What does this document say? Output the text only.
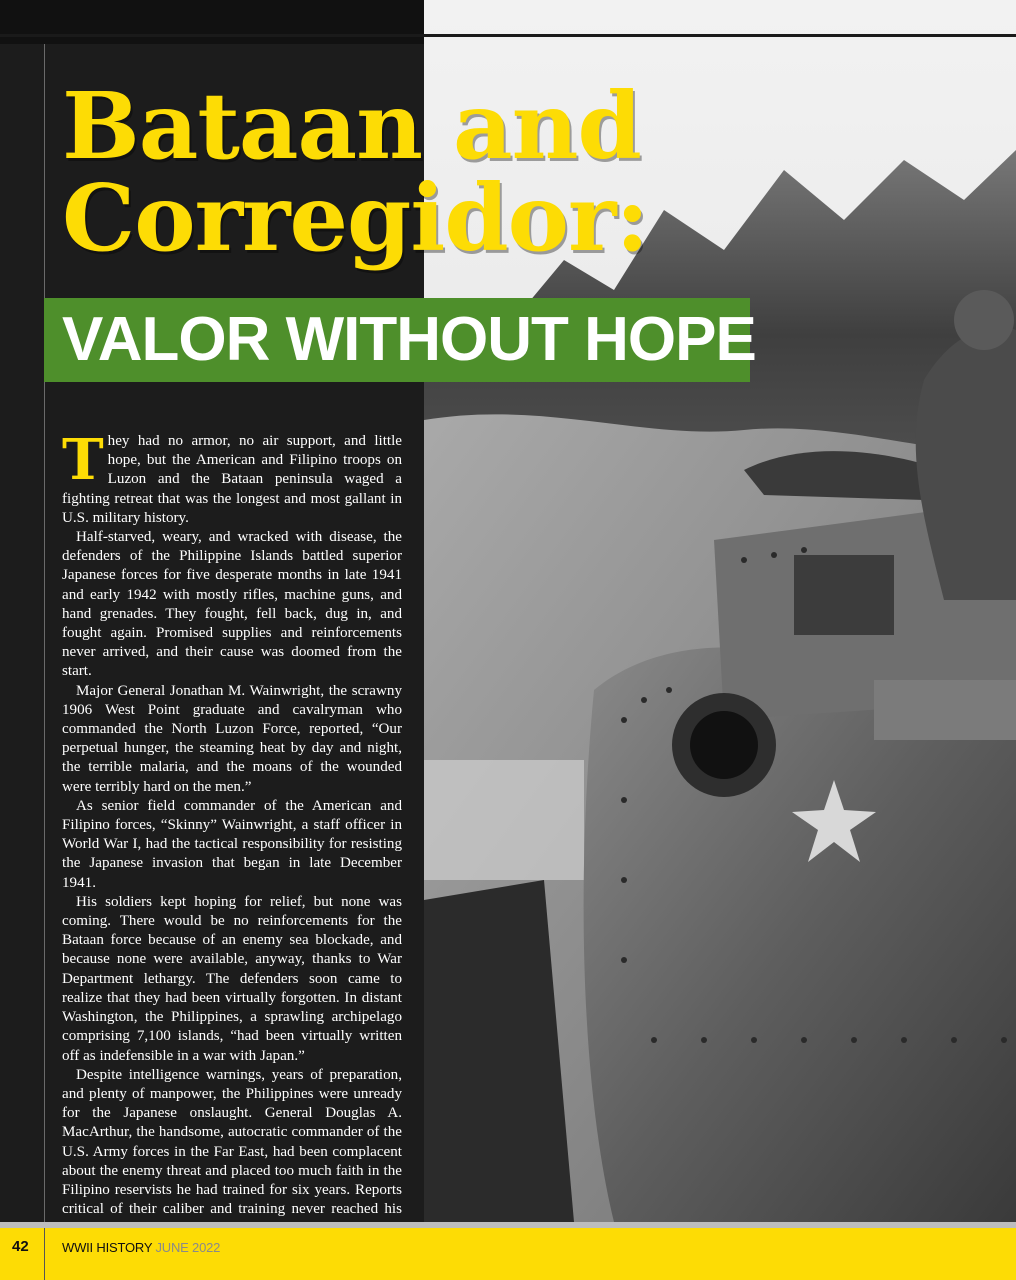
Bataan and
Corregidor:
VALOR WITHOUT HOPE

They had no armor, no air support, and little hope, but the American and Filipino troops on Luzon and the Bataan peninsula waged a fighting retreat that was the longest and most gallant in U.S. military history.

Half-starved, weary, and wracked with disease, the defenders of the Philippine Islands battled superior Japanese forces for five desperate months in late 1941 and early 1942 with mostly rifles, machine guns, and hand grenades. They fought, fell back, dug in, and fought again. Promised supplies and reinforcements never arrived, and their cause was doomed from the start.

Major General Jonathan M. Wainwright, the scrawny 1906 West Point graduate and cavalryman who commanded the North Luzon Force, reported, “Our perpetual hunger, the steaming heat by day and night, the terrible malaria, and the moans of the wounded were terribly hard on the men.”

As senior field commander of the American and Filipino forces, “Skinny” Wainwright, a staff officer in World War I, had the tactical responsibility for resisting the Japanese invasion that began in late December 1941.

His soldiers kept hoping for relief, but none was coming. There would be no reinforcements for the Bataan force because of an enemy sea blockade, and because none were available, anyway, thanks to War Department lethargy. The defenders soon came to realize that they had been virtually forgotten. In distant Washington, the Philippines, a sprawling archipelago comprising 7,100 islands, “had been virtually written off as indefensible in a war with Japan.”

Despite intelligence warnings, years of preparation, and plenty of manpower, the Philippines were unready for the Japanese onslaught. General Douglas A. MacArthur, the handsome, autocratic commander of the U.S. Army forces in the Far East, had been complacent about the enemy threat and placed too much faith in the Filipino reservists he had trained for six years. Reports critical of their caliber and training never reached his

42	WWII HISTORY JUNE 2022
